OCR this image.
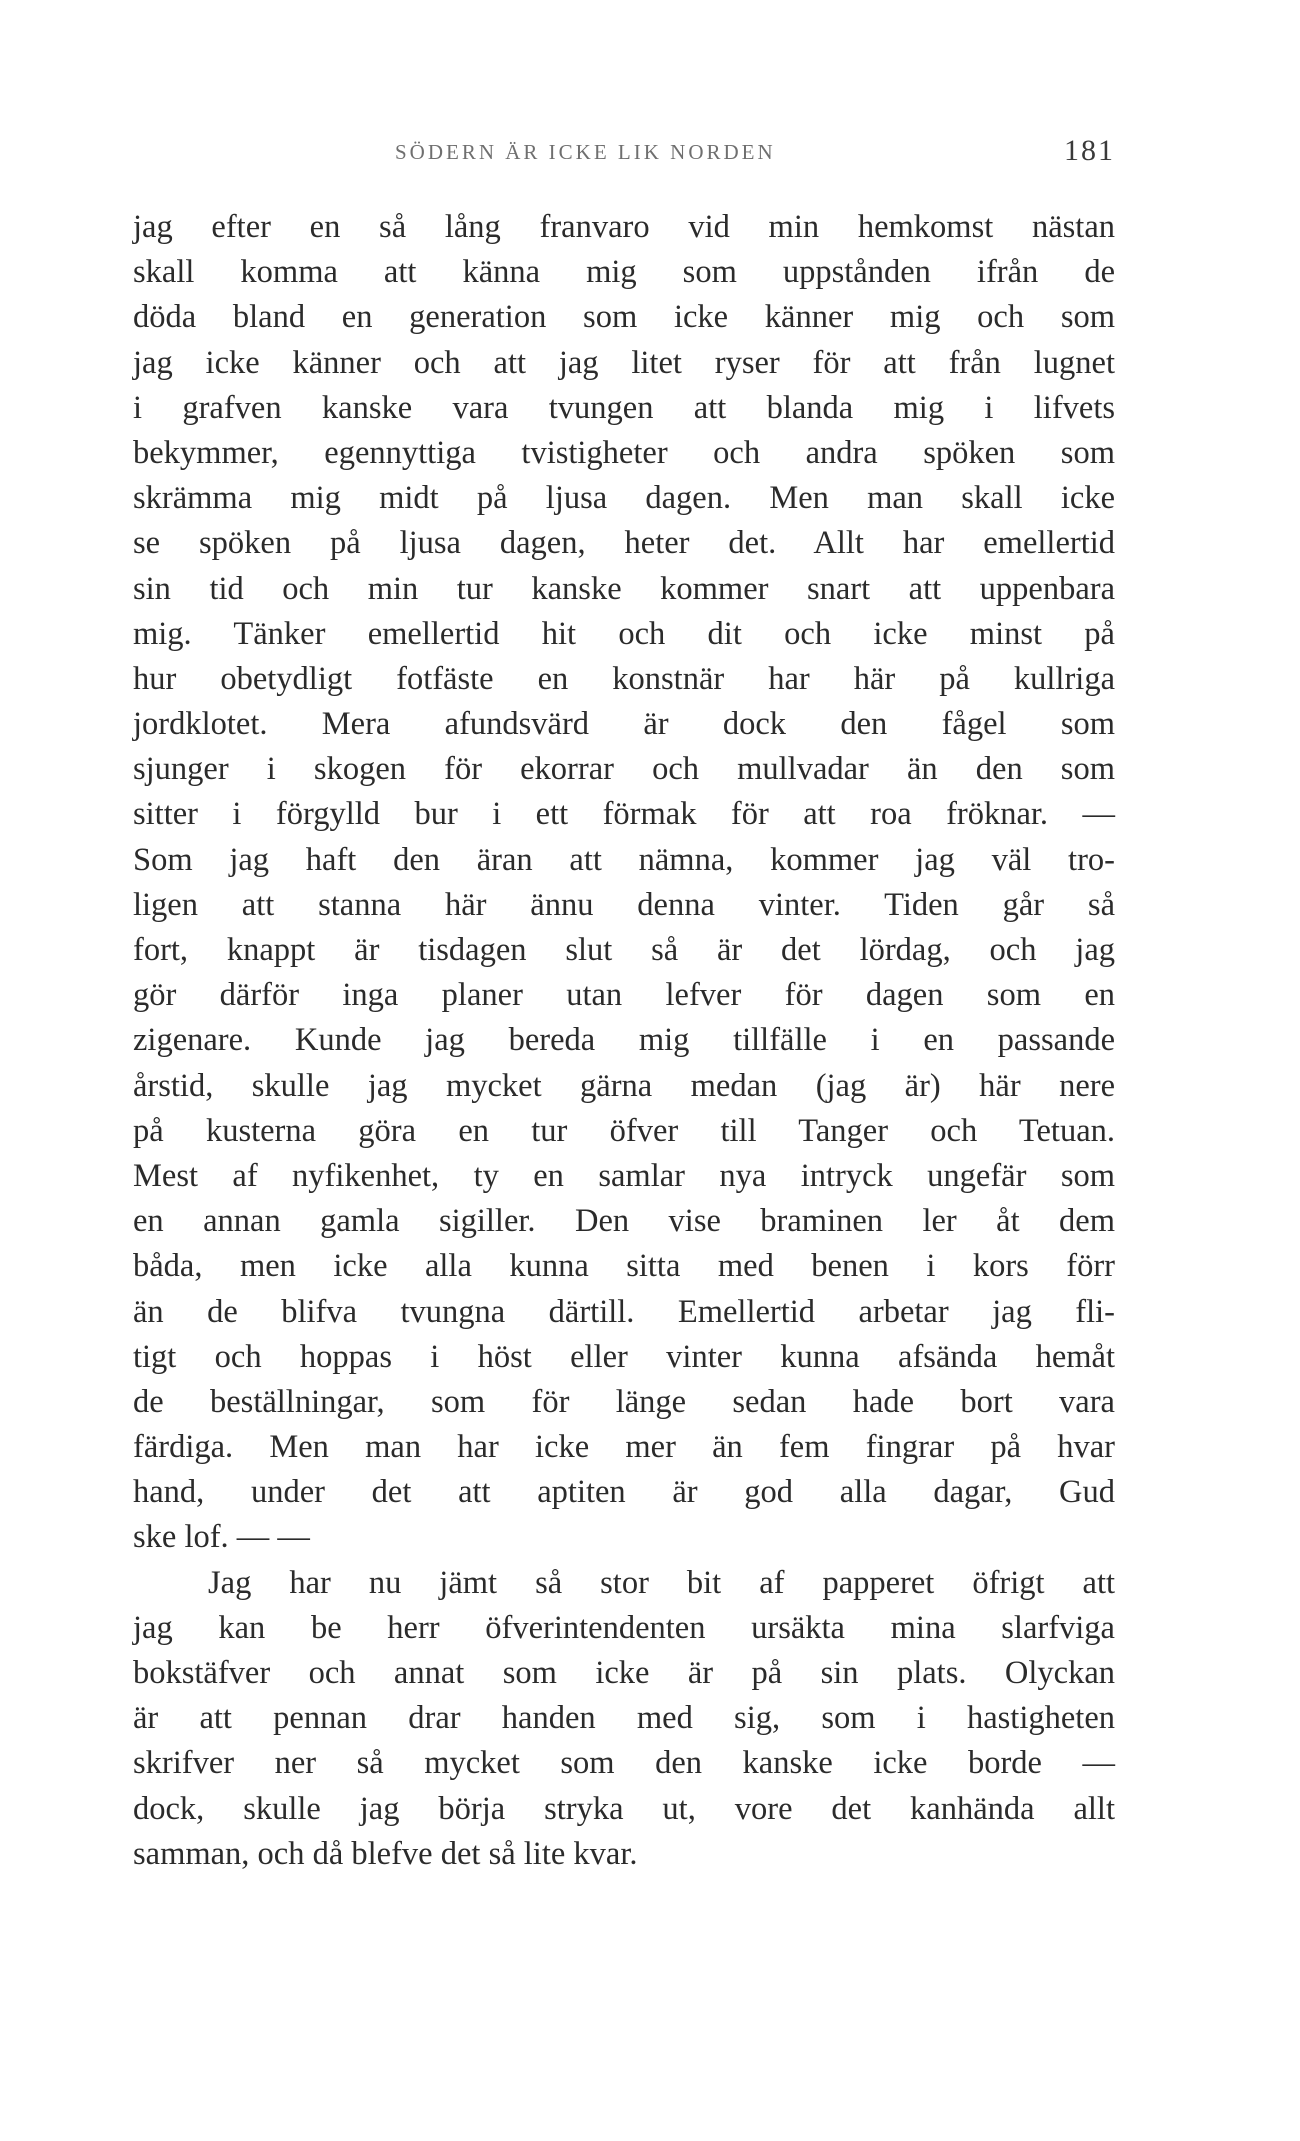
SÖDERN ÄR ICKE LIK NORDEN	181
jag efter en så lång franvaro vid min hemkomst nästan
skall komma att känna mig som uppstånden ifrån de
döda bland en generation som icke känner mig och som
jag icke känner och att jag litet ryser för att från lugnet
i grafven kanske vara tvungen att blanda mig i lifvets
bekymmer, egennyttiga tvistigheter och andra spöken som
skrämma mig midt på ljusa dagen. Men man skall icke
se spöken på ljusa dagen, heter det. Allt har emellertid
sin tid och min tur kanske kommer snart att uppenbara
mig. Tänker emellertid hit och dit och icke minst på
hur obetydligt fotfäste en konstnär har här på kullriga
jordklotet. Mera afundsvärd är dock den fågel som
sjunger i skogen för ekorrar och mullvadar än den som
sitter i förgylld bur i ett förmak för att roa fröknar. —
Som jag haft den äran att nämna, kommer jag väl tro-
ligen att stanna här ännu denna vinter. Tiden går så
fort, knappt är tisdagen slut så är det lördag, och jag
gör därför inga planer utan lefver för dagen som en
zigenare. Kunde jag bereda mig tillfälle i en passande
årstid, skulle jag mycket gärna medan (jag är) här nere
på kusterna göra en tur öfver till Tanger och Tetuan.
Mest af nyfikenhet, ty en samlar nya intryck ungefär som
en annan gamla sigiller. Den vise braminen ler åt dem
båda, men icke alla kunna sitta med benen i kors förr
än de blifva tvungna därtill. Emellertid arbetar jag fli-
tigt och hoppas i höst eller vinter kunna afsända hemåt
de beställningar, som för länge sedan hade bort vara
färdiga. Men man har icke mer än fem fingrar på hvar
hand, under det att aptiten är god alla dagar, Gud
ske lof. — —
Jag har nu jämt så stor bit af papperet öfrigt att
jag kan be herr öfverintendenten ursäkta mina slarfviga
bokstäfver och annat som icke är på sin plats. Olyckan
är att pennan drar handen med sig, som i hastigheten
skrifver ner så mycket som den kanske icke borde —
dock, skulle jag börja stryka ut, vore det kanhända allt
samman, och då blefve det så lite kvar.
